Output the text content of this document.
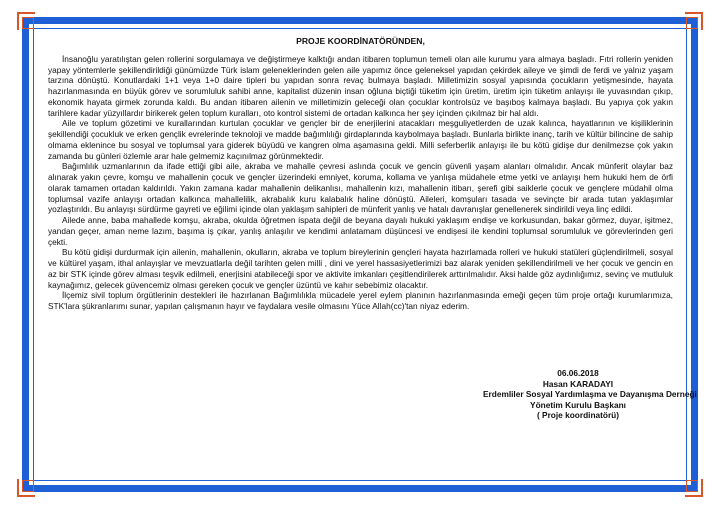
PROJE KOORDİNATÖRÜNDEN,

İnsanoğlu yaratılıştan gelen rollerini sorgulamaya ve değiştirmeye kalktığı andan itibaren toplumun temeli olan aile kurumu yara almaya başladı. Fıtri rollerin yeniden yapay yöntemlerle şekillendirildiği günümüzde Türk islam geleneklerinden gelen aile yapımız önce geleneksel yapıdan çekirdek aileye ve şimdi de ferdi ve yalnız yaşam tarzına dönüştü. Konutlardaki 1+1 veya 1+0 daire tipleri bu yapıdan sonra revaç bulmaya başladı. Milletimizin sosyal yapısında çocukların yetişmesinde, hayata hazırlanmasında en büyük görev ve sorumluluk sahibi anne, kapitalist düzenin insan oğluna biçtiği tüketim için üretim, üretim için tüketim anlayışı ile yuvasından çıkıp, ekonomik hayata girmek zorunda kaldı. Bu andan itibaren ailenin ve milletimizin geleceği olan çocuklar kontrolsüz ve başıboş kalmaya başladı. Bu yapıya çok yakın tarihlere kadar yüzyıllardır birikerek gelen toplum kuralları, oto kontrol sistemi de ortadan kalkınca her şey içinden çıkılmaz bir hal aldı.

Aile ve toplum gözetimi ve kurallarından kurtulan çocuklar ve gençler bir de enerjilerini atacakları meşguliyetlerden de uzak kalınca, hayatlarının ve kişiliklerinin şekillendiği çocukluk ve erken gençlik evrelerinde teknoloji ve madde bağımlılığı girdaplarında kaybolmaya başladı. Bunlarla birlikte inanç, tarih ve kültür bilincine de sahip olmama eklenince bu sosyal ve toplumsal yara giderek büyüdü ve kangren olma aşamasına geldi. Milli seferberlik anlayışı ile bu kötü gidişe dur denilmezse çok yakın zamanda bu günleri özlemle arar hale gelmemiz kaçınılmaz görünmektedir.

Bağımlılık uzmanlarının da ifade ettiği gibi aile, akraba ve mahalle çevresi aslında çocuk ve gencin güvenli yaşam alanları olmalıdır. Ancak münferit olaylar baz alınarak yakın çevre, komşu ve mahallenin çocuk ve gençler üzerindeki emniyet, koruma, kollama ve yanlışa müdahele etme yetki ve anlayışı hem hukuki hem de örfi olarak tamamen ortadan kaldırıldı. Yakın zamana kadar mahallenin delikanlısı, mahallenin kızı, mahallenin itibarı, şerefi gibi saiklerle çocuk ve gençlere müdahil olma toplumsal vazife anlayışı ortadan kalkınca mahallelilik, akrabalık kuru kalabalık haline dönüştü. Aileleri, komşuları tasada ve sevinçte bir arada tutan yaklaşımlar yozlaştırıldı. Bu anlayışı sürdürme gayreti ve eğilimi içinde olan yaklaşım sahipleri de münferit yanlış ve hatalı davranışlar genellenerek sindirildi veya linç edildi.

Ailede anne, baba mahallede komşu, akraba, okulda öğretmen ispata değil de beyana dayalı hukuki yaklaşım endişe ve korkusundan, bakar görmez, duyar, işitmez, yandan geçer, aman neme lazım, başıma iş çıkar, yanlış anlaşılır ve kendimi anlatamam düşüncesi ve endişesi ile kendini toplumsal sorumluluk ve görevlerinden geri çekti.

Bu kötü gidişi durdurmak için ailenin, mahallenin, okulların, akraba ve toplum bireylerinin gençleri hayata hazırlamada rolleri ve hukuki statüleri güçlendirilmeli, sosyal ve kültürel yaşam, ithal anlayışlar ve mevzuatlarla değil tarihten gelen milli , dini ve yerel hassasiyetlerimizi baz alarak yeniden şekillendirilmeli ve her çocuk ve gencin en az bir STK içinde görev alması teşvik edilmeli, enerjisini atabileceği spor ve aktivite imkanları çeşitlendirilerek arttırılmalıdır. Aksi halde göz aydınlığımız, sevinç ve mutluluk kaynağımız, gelecek güvencemiz olması gereken çocuk ve gençler üzüntü ve kahır sebebimiz olacaktır.

İlçemiz sivil toplum örgütlerinin destekleri ile hazırlanan Bağımlılıkla mücadele yerel eylem planının hazırlanmasında emeği geçen tüm proje ortağı kurumlarımıza, STK'lara şükranlarımı sunar, yapılan çalışmanın hayır ve faydalara vesile olmasını Yüce Allah(cc)'tan niyaz ederim.

06.06.2018
Hasan KARADAYI
Erdemliler Sosyal Yardımlaşma ve Dayanışma Derneği
Yönetim Kurulu Başkanı
( Proje koordinatörü)
